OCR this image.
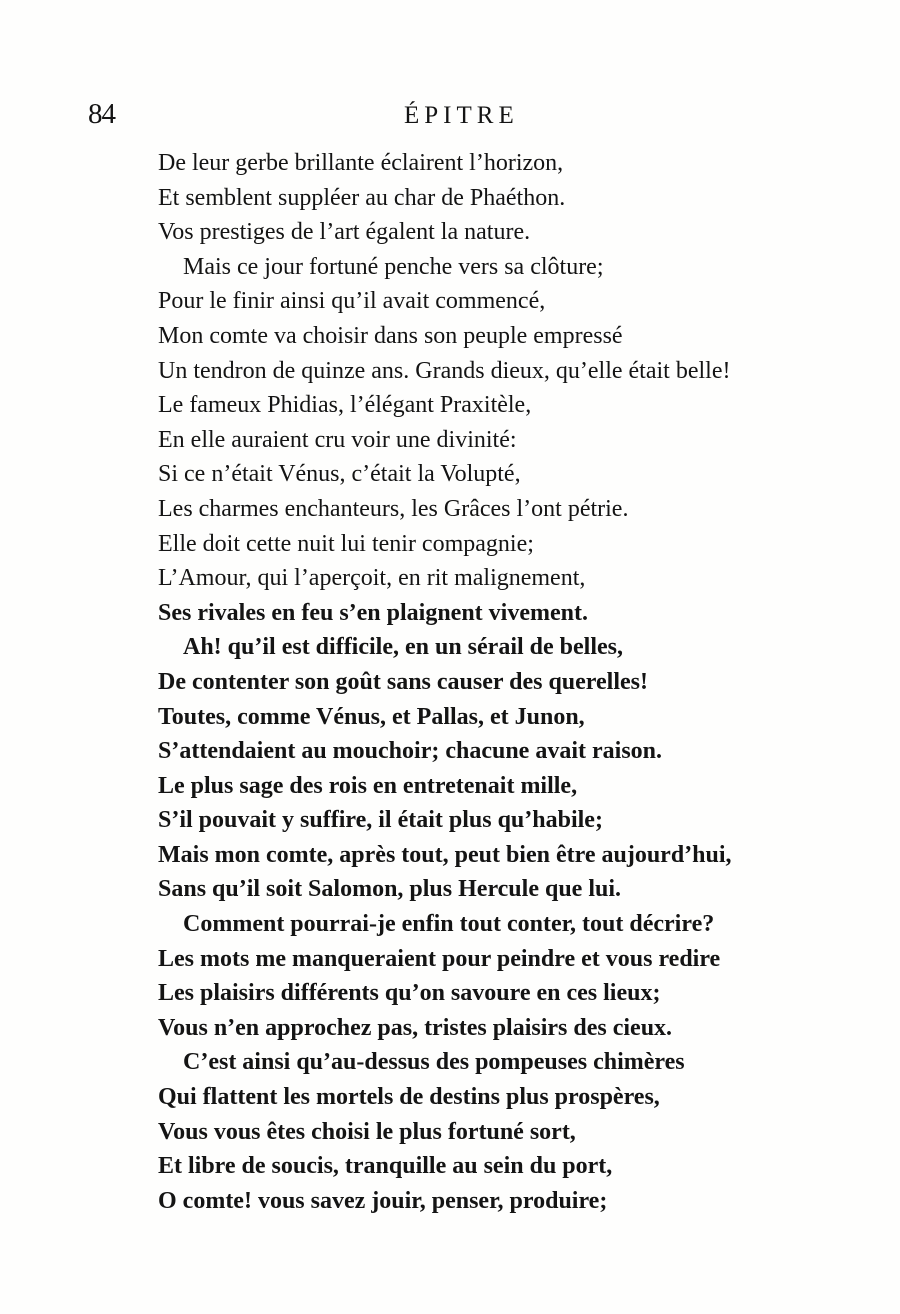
84	ÉPITRE
De leur gerbe brillante éclairent l’horizon,
Et semblent suppléer au char de Phaéthon.
Vos prestiges de l’art égalent la nature.
Mais ce jour fortuné penche vers sa clôture;
Pour le finir ainsi qu’il avait commencé,
Mon comte va choisir dans son peuple empressé
Un tendron de quinze ans. Grands dieux, qu’elle était belle!
Le fameux Phidias, l’élégant Praxitèle,
En elle auraient cru voir une divinité:
Si ce n’était Vénus, c’était la Volupté,
Les charmes enchanteurs, les Grâces l’ont pétrie.
Elle doit cette nuit lui tenir compagnie;
L’Amour, qui l’aperçoit, en rit malignement,
Ses rivales en feu s’en plaignent vivement.
Ah! qu’il est difficile, en un sérail de belles,
De contenter son goût sans causer des querelles!
Toutes, comme Vénus, et Pallas, et Junon,
S’attendaient au mouchoir; chacune avait raison.
Le plus sage des rois en entretenait mille,
S’il pouvait y suffire, il était plus qu’habile;
Mais mon comte, après tout, peut bien être aujourd’hui,
Sans qu’il soit Salomon, plus Hercule que lui.
Comment pourrai-je enfin tout conter, tout décrire?
Les mots me manqueraient pour peindre et vous redire
Les plaisirs différents qu’on savoure en ces lieux;
Vous n’en approchez pas, tristes plaisirs des cieux.
C’est ainsi qu’au-dessus des pompeuses chimères
Qui flattent les mortels de destins plus prospères,
Vous vous êtes choisi le plus fortuné sort,
Et libre de soucis, tranquille au sein du port,
O comte! vous savez jouir, penser, produire;
